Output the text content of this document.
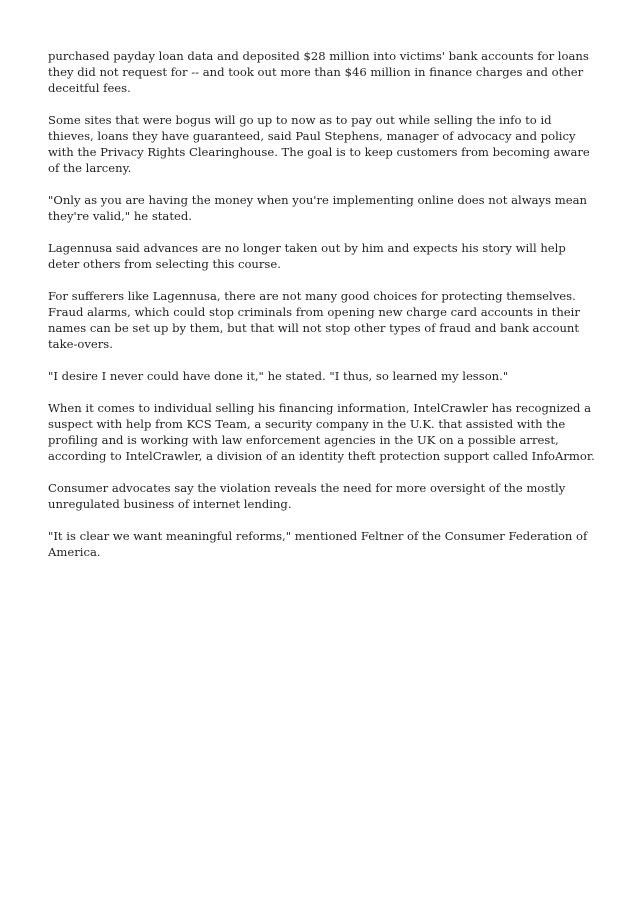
purchased payday loan data and deposited $28 million into victims' bank accounts for loans they did not request for -- and took out more than $46 million in finance charges and other deceitful fees.

Some sites that were bogus will go up to now as to pay out while selling the info to id thieves, loans they have guaranteed, said Paul Stephens, manager of advocacy and policy with the Privacy Rights Clearinghouse. The goal is to keep customers from becoming aware of the larceny.

"Only as you are having the money when you're implementing online does not always mean they're valid," he stated.

Lagennusa said advances are no longer taken out by him and expects his story will help deter others from selecting this course.

For sufferers like Lagennusa, there are not many good choices for protecting themselves. Fraud alarms, which could stop criminals from opening new charge card accounts in their names can be set up by them, but that will not stop other types of fraud and bank account take-overs.

"I desire I never could have done it," he stated. "I thus, so learned my lesson."

When it comes to individual selling his financing information, IntelCrawler has recognized a suspect with help from KCS Team, a security company in the U.K. that assisted with the profiling and is working with law enforcement agencies in the UK on a possible arrest, according to IntelCrawler, a division of an identity theft protection support called InfoArmor.

Consumer advocates say the violation reveals the need for more oversight of the mostly unregulated business of internet lending.

"It is clear we want meaningful reforms," mentioned Feltner of the Consumer Federation of America.
